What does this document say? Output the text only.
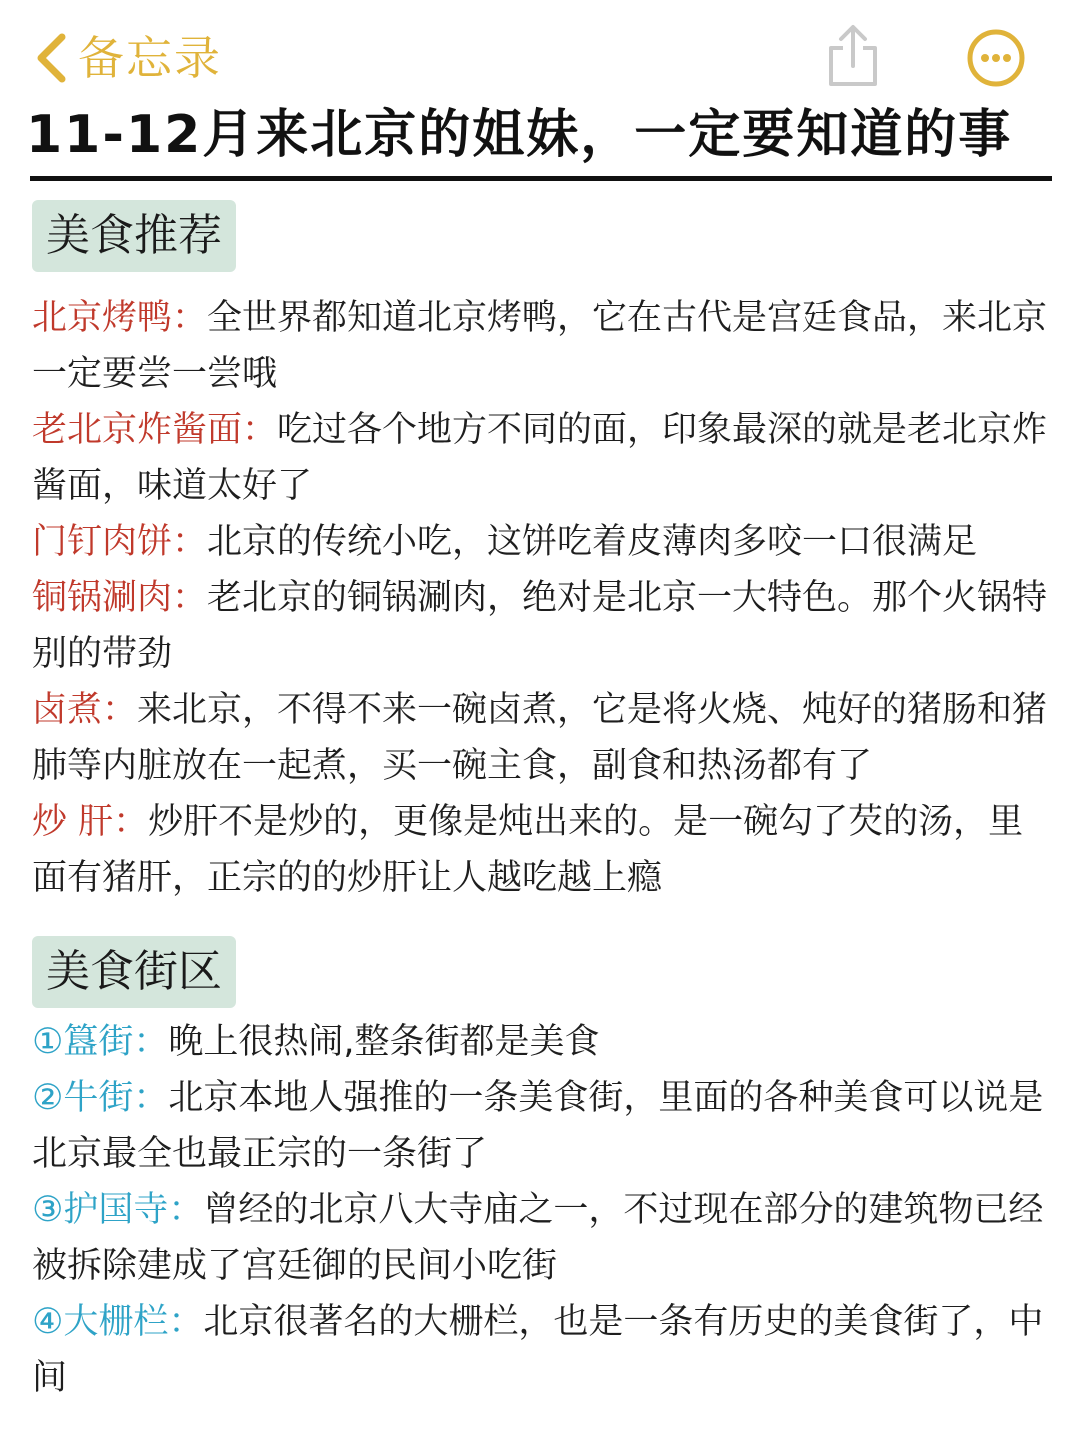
备忘录
11-12月来北京的姐妹，一定要知道的事
美食推荐
北京烤鸭：全世界都知道北京烤鸭，它在古代是宫廷食品，来北京一定要尝一尝哦
老北京炸酱面：吃过各个地方不同的面，印象最深的就是老北京炸酱面，味道太好了
门钉肉饼：北京的传统小吃，这饼吃着皮薄肉多咬一口很满足
铜锅涮肉：老北京的铜锅涮肉，绝对是北京一大特色。那个火锅特别的带劲
卤煮：来北京，不得不来一碗卤煮，它是将火烧、炖好的猪肠和猪肺等内脏放在一起煮，买一碗主食，副食和热汤都有了
炒 肝：炒肝不是炒的，更像是炖出来的。是一碗勾了芡的汤，里面有猪肝，正宗的的炒肝让人越吃越上瘾
美食街区
①簋街：晚上很热闹,整条街都是美食
②牛街：北京本地人强推的一条美食街，里面的各种美食可以说是北京最全也最正宗的一条街了
③护国寺：曾经的北京八大寺庙之一，不过现在部分的建筑物已经被拆除建成了宫廷御的民间小吃街
④大栅栏：北京很著名的大栅栏，也是一条有历史的美食街了，中间
